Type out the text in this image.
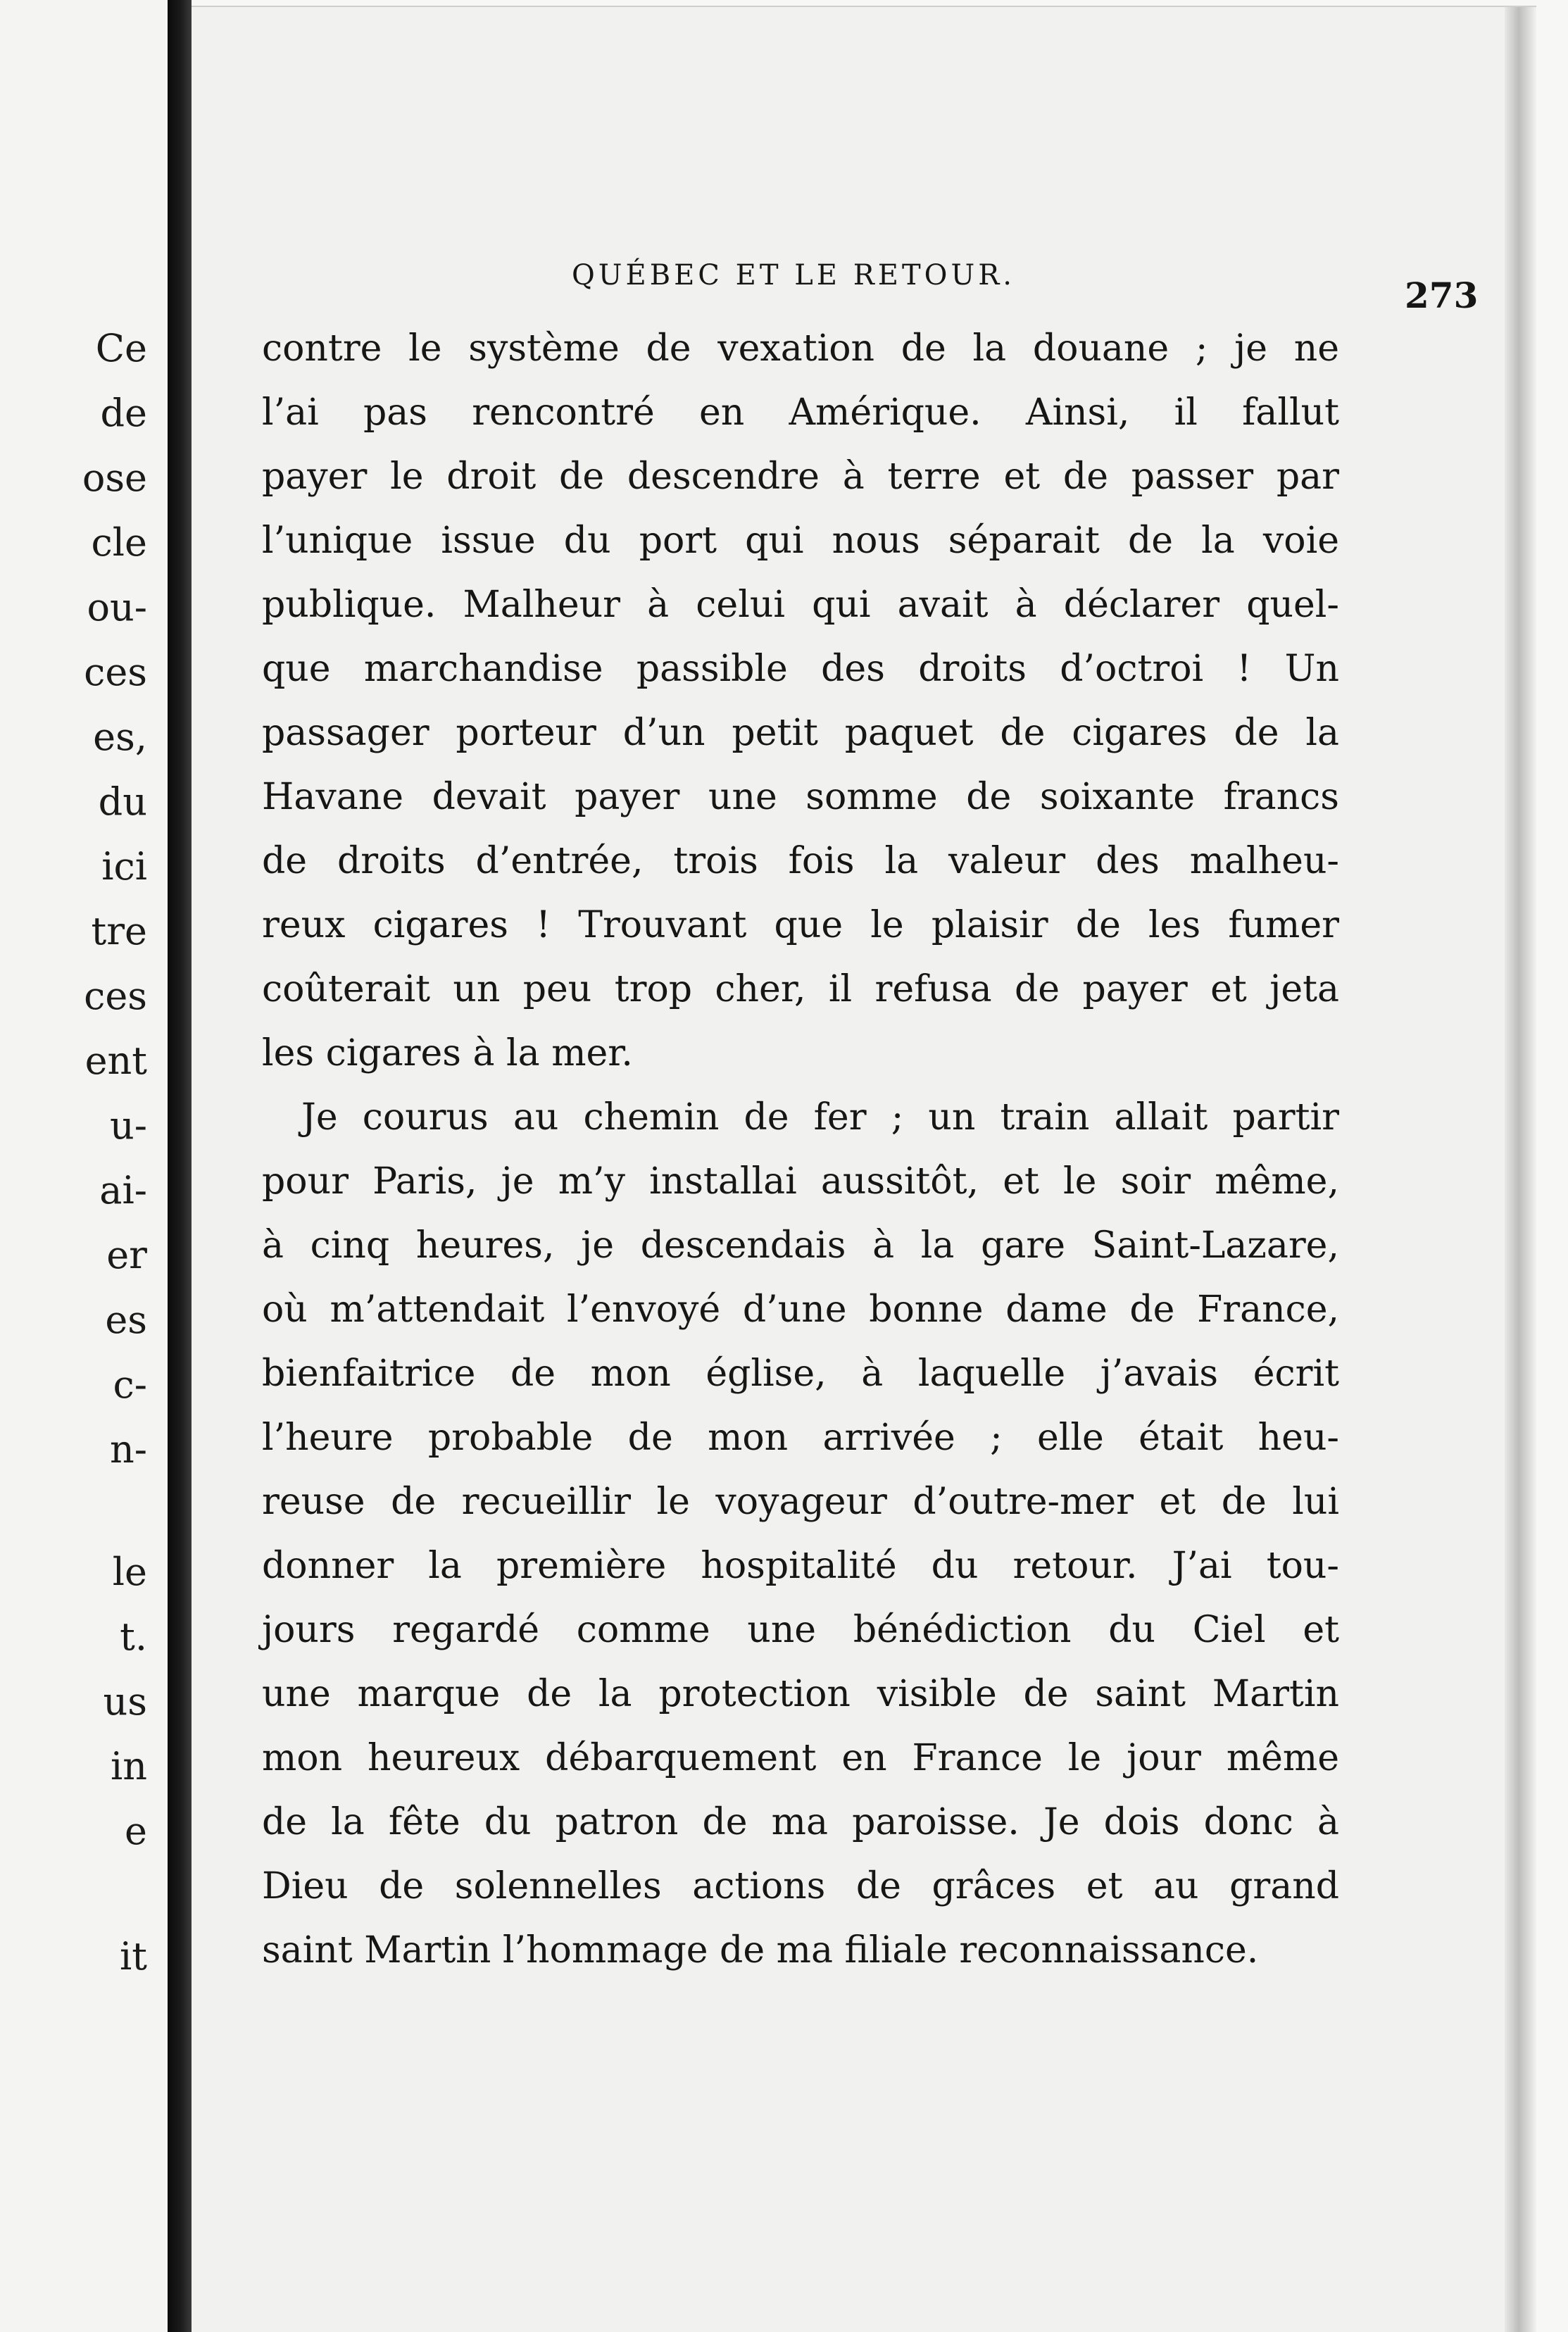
Ce
de
ose
cle
ou-
ces
es,
du
ici
tre
ces
ent
u-
ai-
er
es
c-
n-
le
t.
us
in
e
it
QUÉBEC ET LE RETOUR.	273
contre le système de vexation de la douane ; je ne
l’ai pas rencontré en Amérique. Ainsi, il fallut
payer le droit de descendre à terre et de passer par
l’unique issue du port qui nous séparait de la voie
publique. Malheur à celui qui avait à déclarer quel-
que marchandise passible des droits d’octroi ! Un
passager porteur d’un petit paquet de cigares de la
Havane devait payer une somme de soixante francs
de droits d’entrée, trois fois la valeur des malheu-
reux cigares ! Trouvant que le plaisir de les fumer
coûterait un peu trop cher, il refusa de payer et jeta
les cigares à la mer.
Je courus au chemin de fer ; un train allait partir
pour Paris, je m’y installai aussitôt, et le soir même,
à cinq heures, je descendais à la gare Saint-Lazare,
où m’attendait l’envoyé d’une bonne dame de France,
bienfaitrice de mon église, à laquelle j’avais écrit
l’heure probable de mon arrivée ; elle était heu-
reuse de recueillir le voyageur d’outre-mer et de lui
donner la première hospitalité du retour. J’ai tou-
jours regardé comme une bénédiction du Ciel et
une marque de la protection visible de saint Martin
mon heureux débarquement en France le jour même
de la fête du patron de ma paroisse. Je dois donc à
Dieu de solennelles actions de grâces et au grand
saint Martin l’hommage de ma filiale reconnaissance.
